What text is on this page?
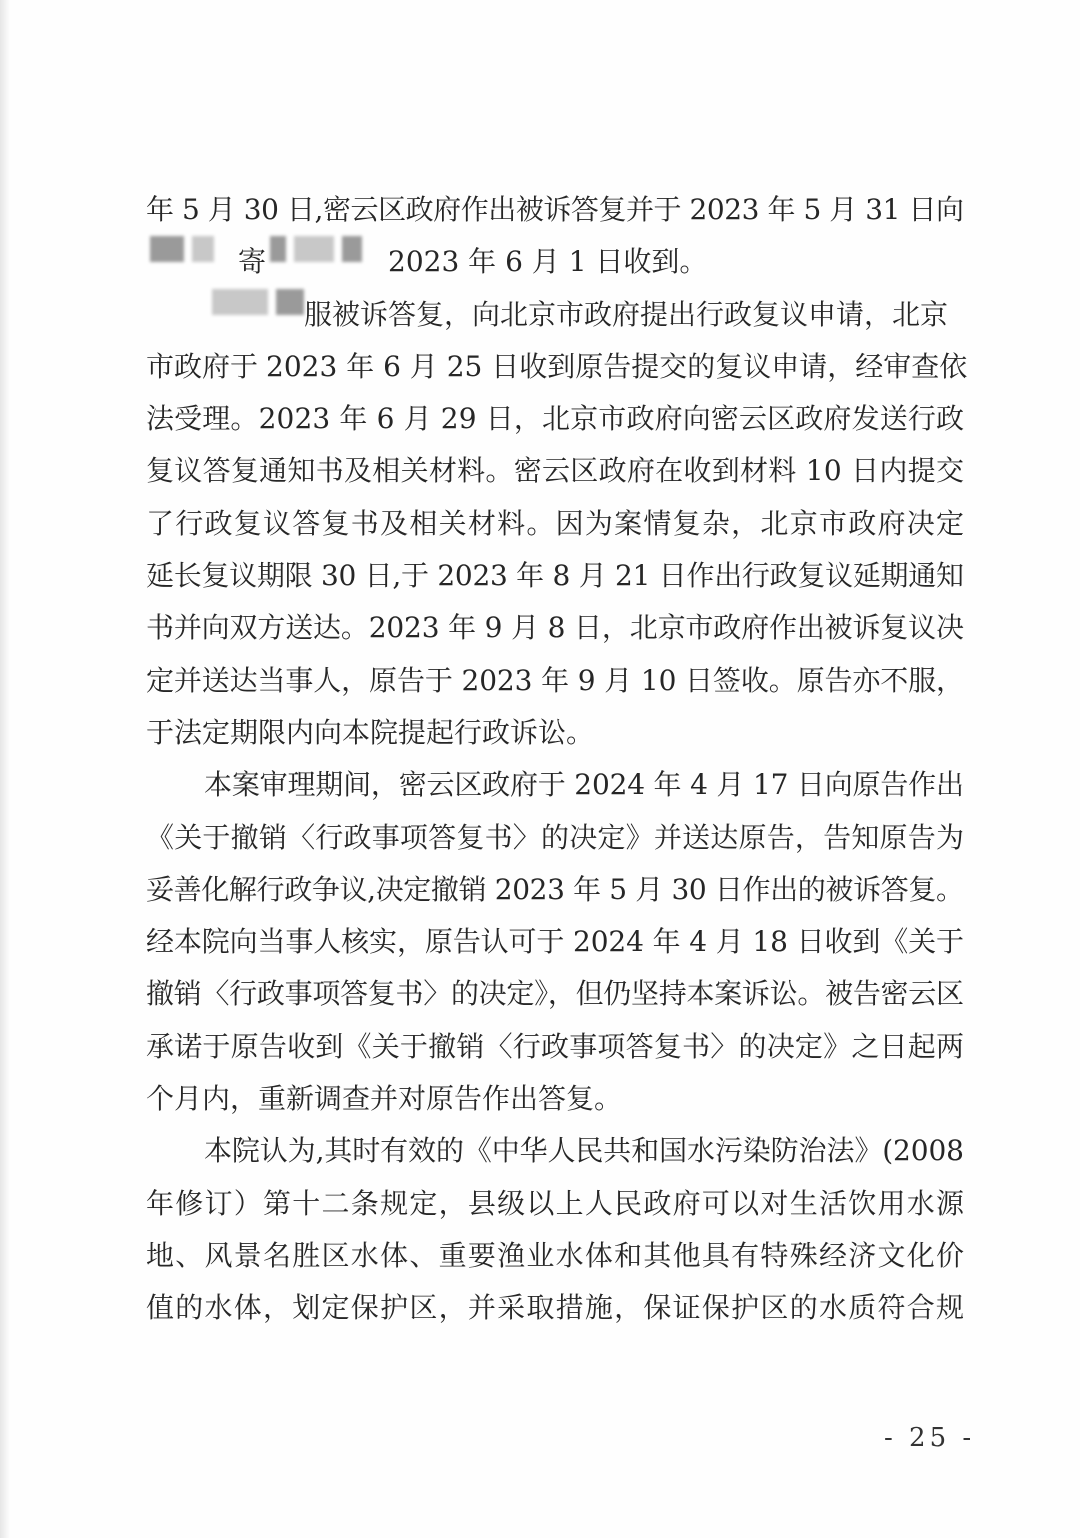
年 5 月 30 日,密云区政府作出被诉答复并于 2023 年 5 月 31 日向
寄	2023 年 6 月 1 日收到。
服被诉答复，向北京市政府提出行政复议申请，北京
市政府 于 2023 年 6 月 25 日收到原告提交的复议申请，经审查依
法受理。2023 年 6 月 29 日，北京市政府向密云区政府发送行政
复议答复通知书及相关材料。密云区政府在收到材料 10 日内提交
了行政复议答复书及相关材料。因为案情复杂，北京市政府决定
延长复议期限 30 日,于 2023 年 8 月 21 日作出行政复议延期通知
书并向双方送达。2023 年 9 月 8 日，北京市政府作出被诉复议决
定并送达当事人，原告于 2023 年 9 月 10 日签收。原告亦不服，
于法定期限内向本院提起行政诉讼。
本案审理期间，密云区政府于 2024 年 4 月 17 日向原告作出
《关于撤销〈行政事项答复书〉的决定》并送达原告，告知原告为
妥善化解行政争议,决定撤销 2023 年 5 月 30 日作出的被诉答复。
经本院向当事人核实，原告认可于 2024 年 4 月 18 日收到《关于
撤销〈行政事项答复书〉的决定》，但仍坚持本案诉讼。被告密云区
承诺于原告收到《关于撤销〈行政事项答复书〉的决定》之日起两
个月内，重新调查并对原告作出答复。
本院认为,其时有效的《中华人民共和国水污染防治法》(2008
年修订）第十二条规定，县级以上人民政府可以对生活饮用水源
地、风景名胜区水体、重要渔业水体和其他具有特殊经济文化价
值的水体，划定保护区，并采取措施，保证保护区的水质符合规
- 25 -
